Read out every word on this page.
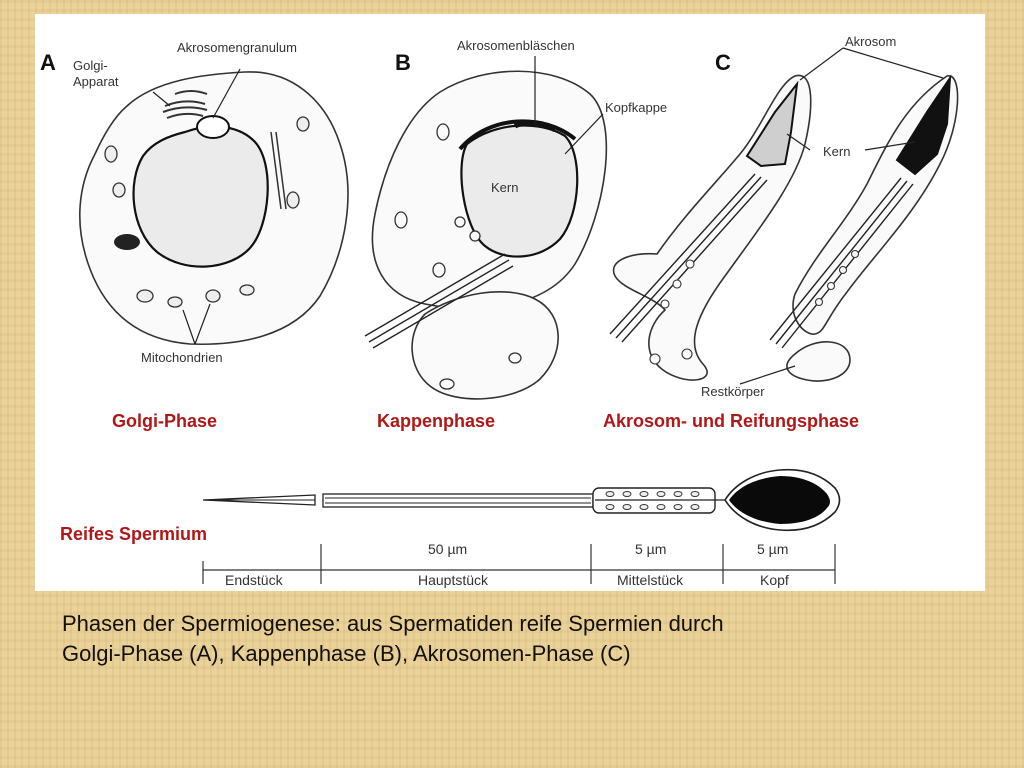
A Golgi-
Apparat
Akrosomengranulum
Mitochondrien
Golgi-Phase
B
Akrosomenbläschen
Kopfkappe
Kern
Kappenphase
C
Akrosom
Kern
Restkörper
Akrosom- und Reifungsphase
Reifes Spermium
50 µm	5 µm	5 µm
Endstück	Hauptstück	Mittelstück	Kopf
Phasen der Spermiogenese: aus Spermatiden reife Spermien durch
Golgi-Phase (A), Kappenphase (B), Akrosomen-Phase (C)
